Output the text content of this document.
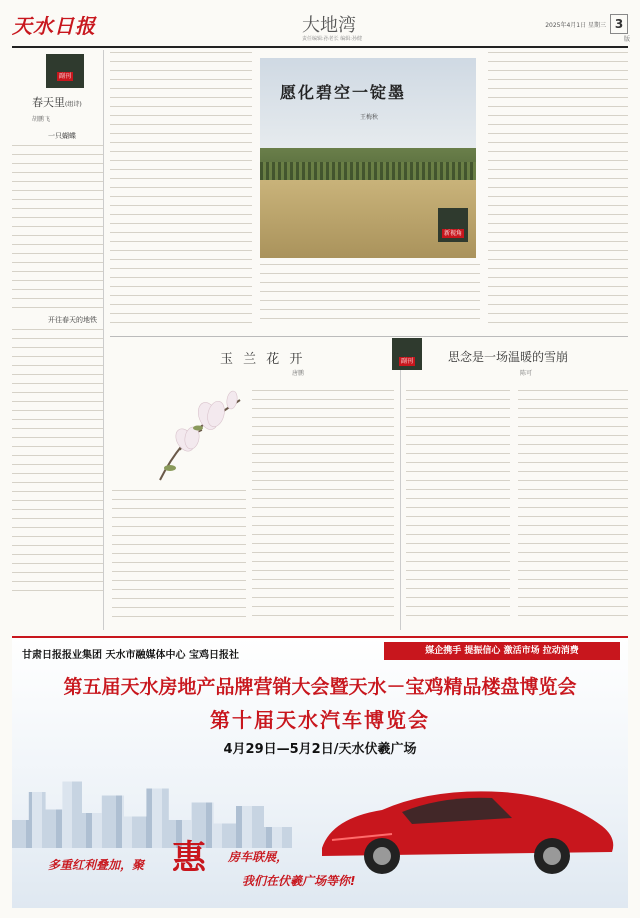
天水日报	大地湾
责任编辑:孙老长 编辑:孙健
2025年4月1日 星期三 3
版
副刊
春天里(组诗)
胡鹏飞
一只蝴蝶
开往春天的地铁
愿化碧空一锭墨
王梅秋
新视角
玉 兰 花 开
唐鹏
副刊	思念是一场温暖的雪崩
陈可
甘肃日报报业集团 天水市融媒体中心 宝鸡日报社	媒企携手 提振信心 激活市场 拉动消费
第五届天水房地产品牌营销大会暨天水－宝鸡精品楼盘博览会
第十届天水汽车博览会
4月29日—5月2日/天水伏羲广场
多重红利叠加，聚 惠 房车联展，
我们在伏羲广场等你!
